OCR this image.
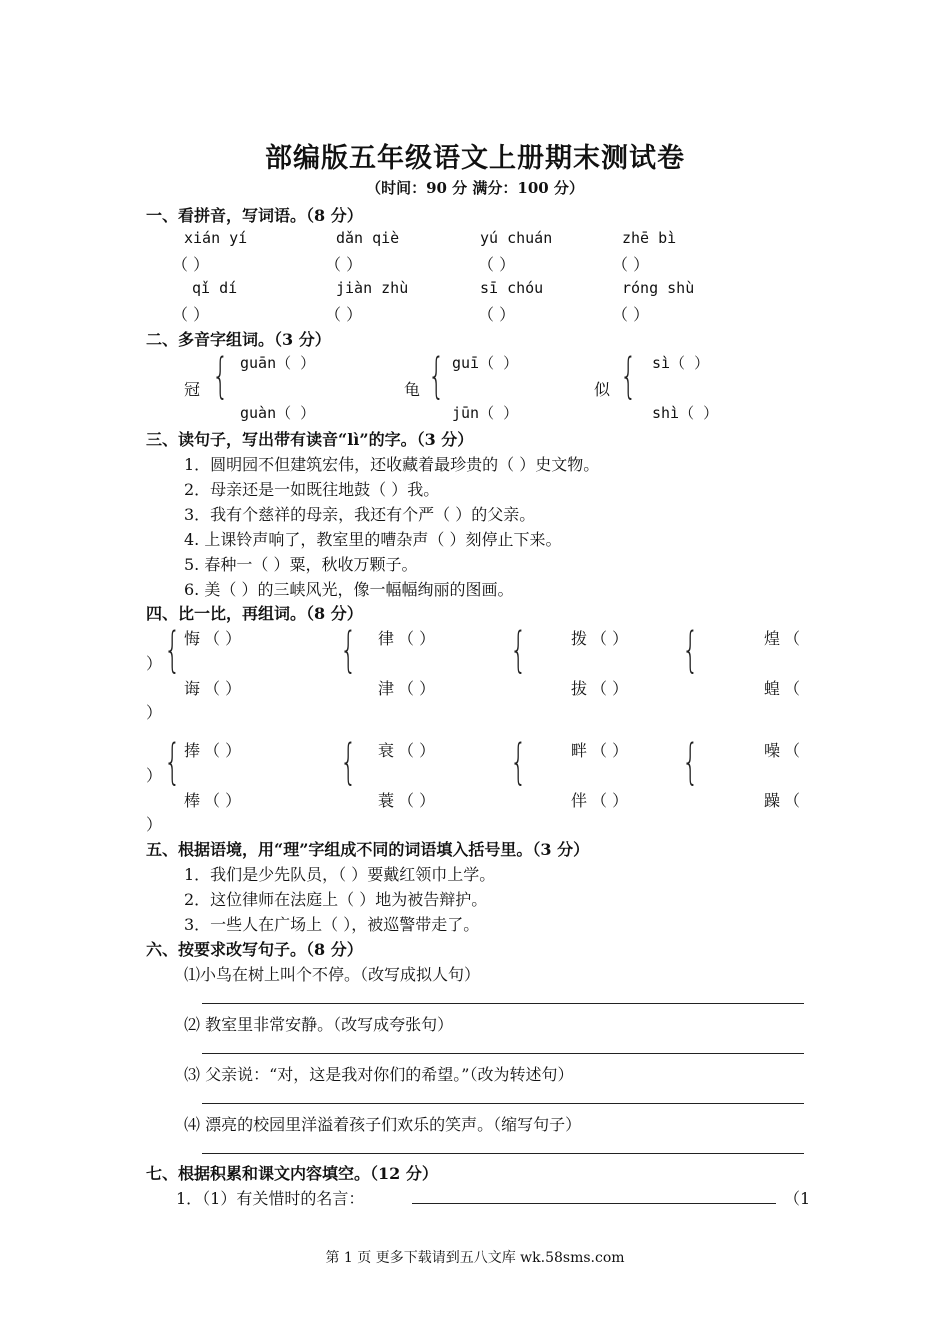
部编版五年级语文上册期末测试卷
（时间：90 分 满分：100 分）
一、看拼音，写词语。（8 分）
xián yí	dǎn qiè	yú chuán	zhē bì
（ ）	（ ）	（ ）	（ ）
qǐ dí	jiàn zhù	sī chóu	róng shù
（ ）	（ ）	（ ）	（ ）
二、多音字组词。（3 分）
冠 { guān（ ）
guàn（ ）
龟 { guī（ ）
jūn（ ）
似 { sì（ ）
shì（ ）
三、读句子，写出带有读音“lì”的字。（3 分）
1．圆明园不但建筑宏伟，还收藏着最珍贵的（ ）史文物。
2．母亲还是一如既往地鼓（ ）我。
3．我有个慈祥的母亲，我还有个严（ ）的父亲。
4. 上课铃声响了，教室里的嘈杂声（ ）刻停止下来。
5. 春种一（ ）粟，秋收万颗子。
6. 美（ ）的三峡风光，像一幅幅绚丽的图画。
四、比一比，再组词。（8 分）
{	{	{	{
悔 （ ）	律 （ ）	拨 （ ）	煌 （
）
诲 （ ）	津 （ ）	拔 （ ）	蝗 （
）
{	{	{	{
捧 （ ）	衰 （ ）	畔 （ ）	噪 （
）
棒 （ ）	蓑 （ ）	伴 （ ）	躁 （
）
五、根据语境，用“理”字组成不同的词语填入括号里。（3 分）
1．我们是少先队员，（ ）要戴红领巾上学。
2．这位律师在法庭上（ ）地为被告辩护。
3．一些人在广场上（ ），被巡警带走了。
六、按要求改写句子。（8 分）
⑴小鸟在树上叫个不停。（改写成拟人句）
⑵ 教室里非常安静。（改写成夸张句）
⑶ 父亲说：“对，这是我对你们的希望。”（改为转述句）
⑷ 漂亮的校园里洋溢着孩子们欢乐的笑声。（缩写句子）
七、根据积累和课文内容填空。（12 分）
1．（1）有关惜时的名言：	（1
第 1 页 更多下载请到五八文库 wk.58sms.com
